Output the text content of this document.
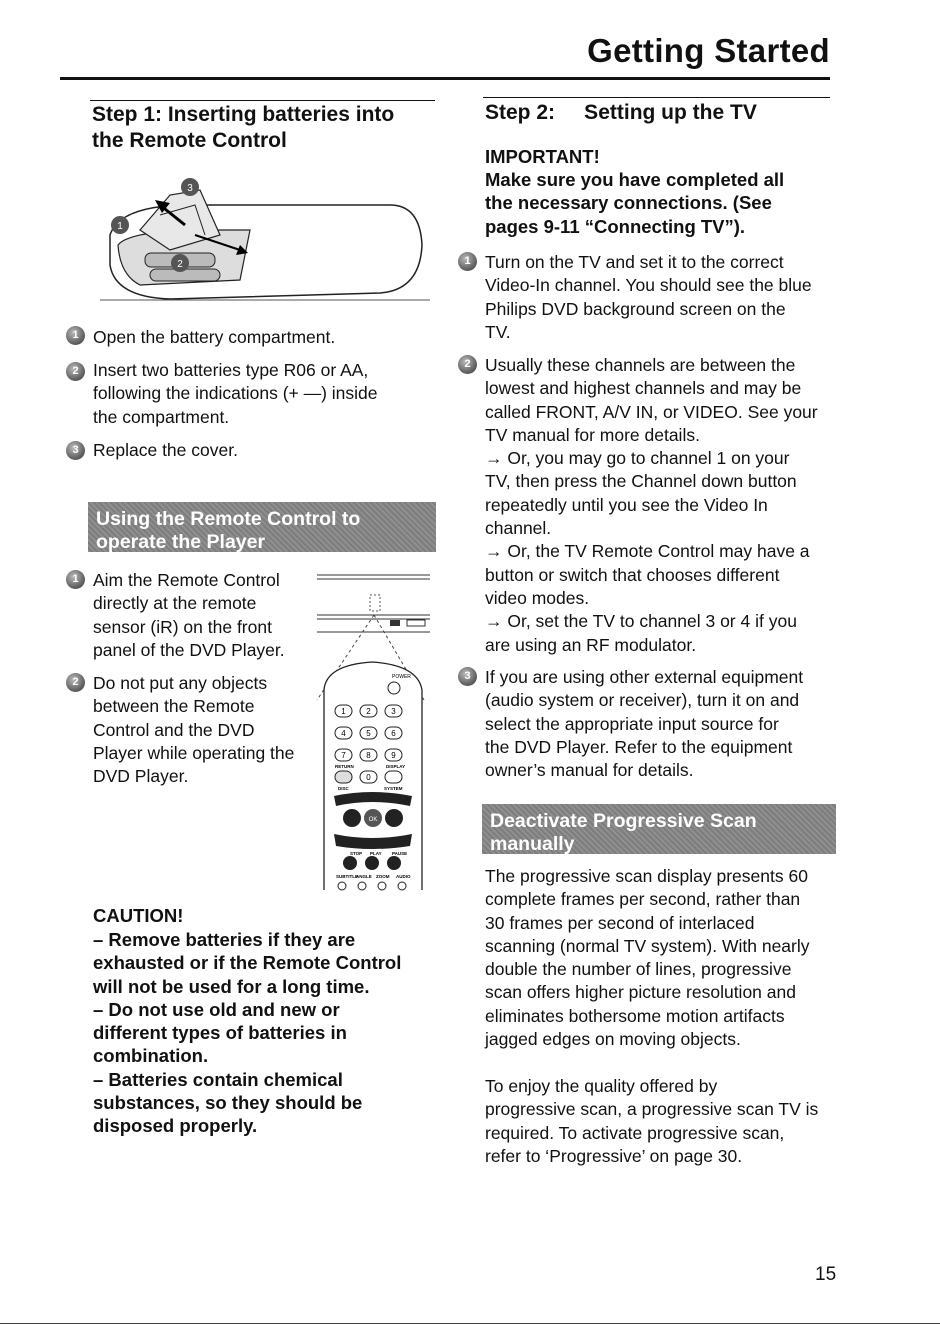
Getting Started
Step 1: Inserting batteries into
the Remote Control
1
3
2
1 Open the battery compartment.
2 Insert two batteries type R06 or AA,
following the indications (+ —) inside
the compartment.
3 Replace the cover.
Using the Remote Control to
operate the Player
1 Aim the Remote Control
directly at the remote
sensor (iR) on the front
panel of the DVD Player.
2 Do not put any objects
between the Remote
Control and the DVD
Player while operating the
DVD Player.
POWER
1	2	3
4	5	6
7	8	9
0
RETURN	DISPLAY
DISC	SYSTEM
STOP PLAY PAUSE
SUBTITLE
ANGLE ZOOM AUDIO
OK
CAUTION!
– Remove batteries if they are
exhausted or if the Remote Control
will not be used for a long time.
– Do not use old and new or
different types of batteries in
combination.
– Batteries contain chemical
substances, so they should be
disposed properly.
Step 2:     Setting up the TV
IMPORTANT!
Make sure you have completed all
the necessary connections. (See
pages 9-11 “Connecting TV”).
1 Turn on the TV and set it to the correct
Video-In channel. You should see the blue
Philips DVD background screen on the
TV.
2 Usually these channels are between the
lowest and highest channels and may be
called FRONT, A/V IN, or VIDEO. See your
TV manual for more details.
→ Or, you may go to channel 1 on your
TV, then press the Channel down button
repeatedly until you see the Video In
channel.
→ Or, the TV Remote Control may have a
button or switch that chooses different
video modes.
→ Or, set the TV to channel 3 or 4 if you
are using an RF modulator.
3 If you are using other external equipment
(audio system or receiver), turn it on and
select the appropriate input source for
the DVD Player. Refer to the equipment
owner’s manual for details.
Deactivate Progressive Scan
manually
The progressive scan display presents 60
complete frames per second, rather than
30 frames per second of interlaced
scanning (normal TV system). With nearly
double the number of lines, progressive
scan offers higher picture resolution and
eliminates bothersome motion artifacts
jagged edges on moving objects.
To enjoy the quality offered by
progressive scan, a progressive scan TV is
required. To activate progressive scan,
refer to ‘Progressive’ on page 30.
15
